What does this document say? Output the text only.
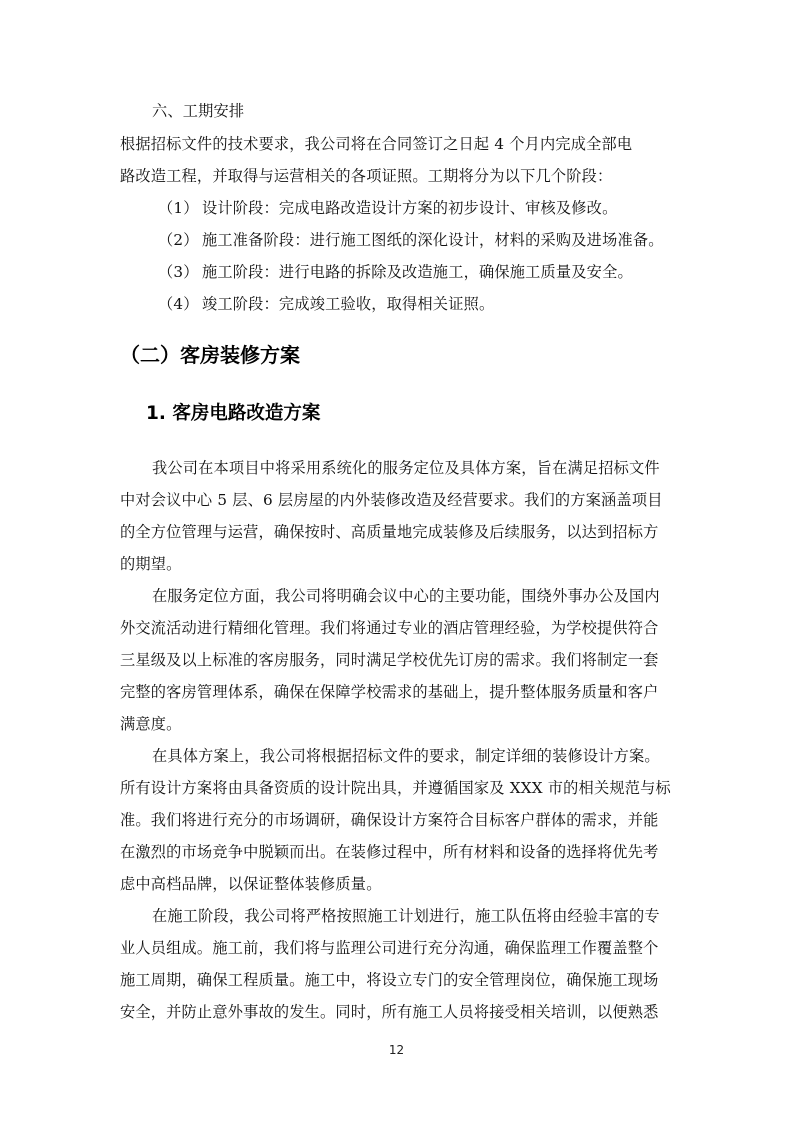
六、工期安排
根据招标文件的技术要求，我公司将在合同签订之日起 4 个月内完成全部电
路改造工程，并取得与运营相关的各项证照。工期将分为以下几个阶段：
（1） 设计阶段：完成电路改造设计方案的初步设计、审核及修改。
（2） 施工准备阶段：进行施工图纸的深化设计，材料的采购及进场准备。
（3） 施工阶段：进行电路的拆除及改造施工，确保施工质量及安全。
（4） 竣工阶段：完成竣工验收，取得相关证照。
（二）客房装修方案
1. 客房电路改造方案
我公司在本项目中将采用系统化的服务定位及具体方案，旨在满足招标文件
中对会议中心 5 层、6 层房屋的内外装修改造及经营要求。我们的方案涵盖项目
的全方位管理与运营，确保按时、高质量地完成装修及后续服务，以达到招标方
的期望。
在服务定位方面，我公司将明确会议中心的主要功能，围绕外事办公及国内
外交流活动进行精细化管理。我们将通过专业的酒店管理经验，为学校提供符合
三星级及以上标准的客房服务，同时满足学校优先订房的需求。我们将制定一套
完整的客房管理体系，确保在保障学校需求的基础上，提升整体服务质量和客户
满意度。
在具体方案上，我公司将根据招标文件的要求，制定详细的装修设计方案。
所有设计方案将由具备资质的设计院出具，并遵循国家及 XXX 市的相关规范与标
准。我们将进行充分的市场调研，确保设计方案符合目标客户群体的需求，并能
在激烈的市场竞争中脱颖而出。在装修过程中，所有材料和设备的选择将优先考
虑中高档品牌，以保证整体装修质量。
在施工阶段，我公司将严格按照施工计划进行，施工队伍将由经验丰富的专
业人员组成。施工前，我们将与监理公司进行充分沟通，确保监理工作覆盖整个
施工周期，确保工程质量。施工中，将设立专门的安全管理岗位，确保施工现场
安全，并防止意外事故的发生。同时，所有施工人员将接受相关培训，以便熟悉
12
